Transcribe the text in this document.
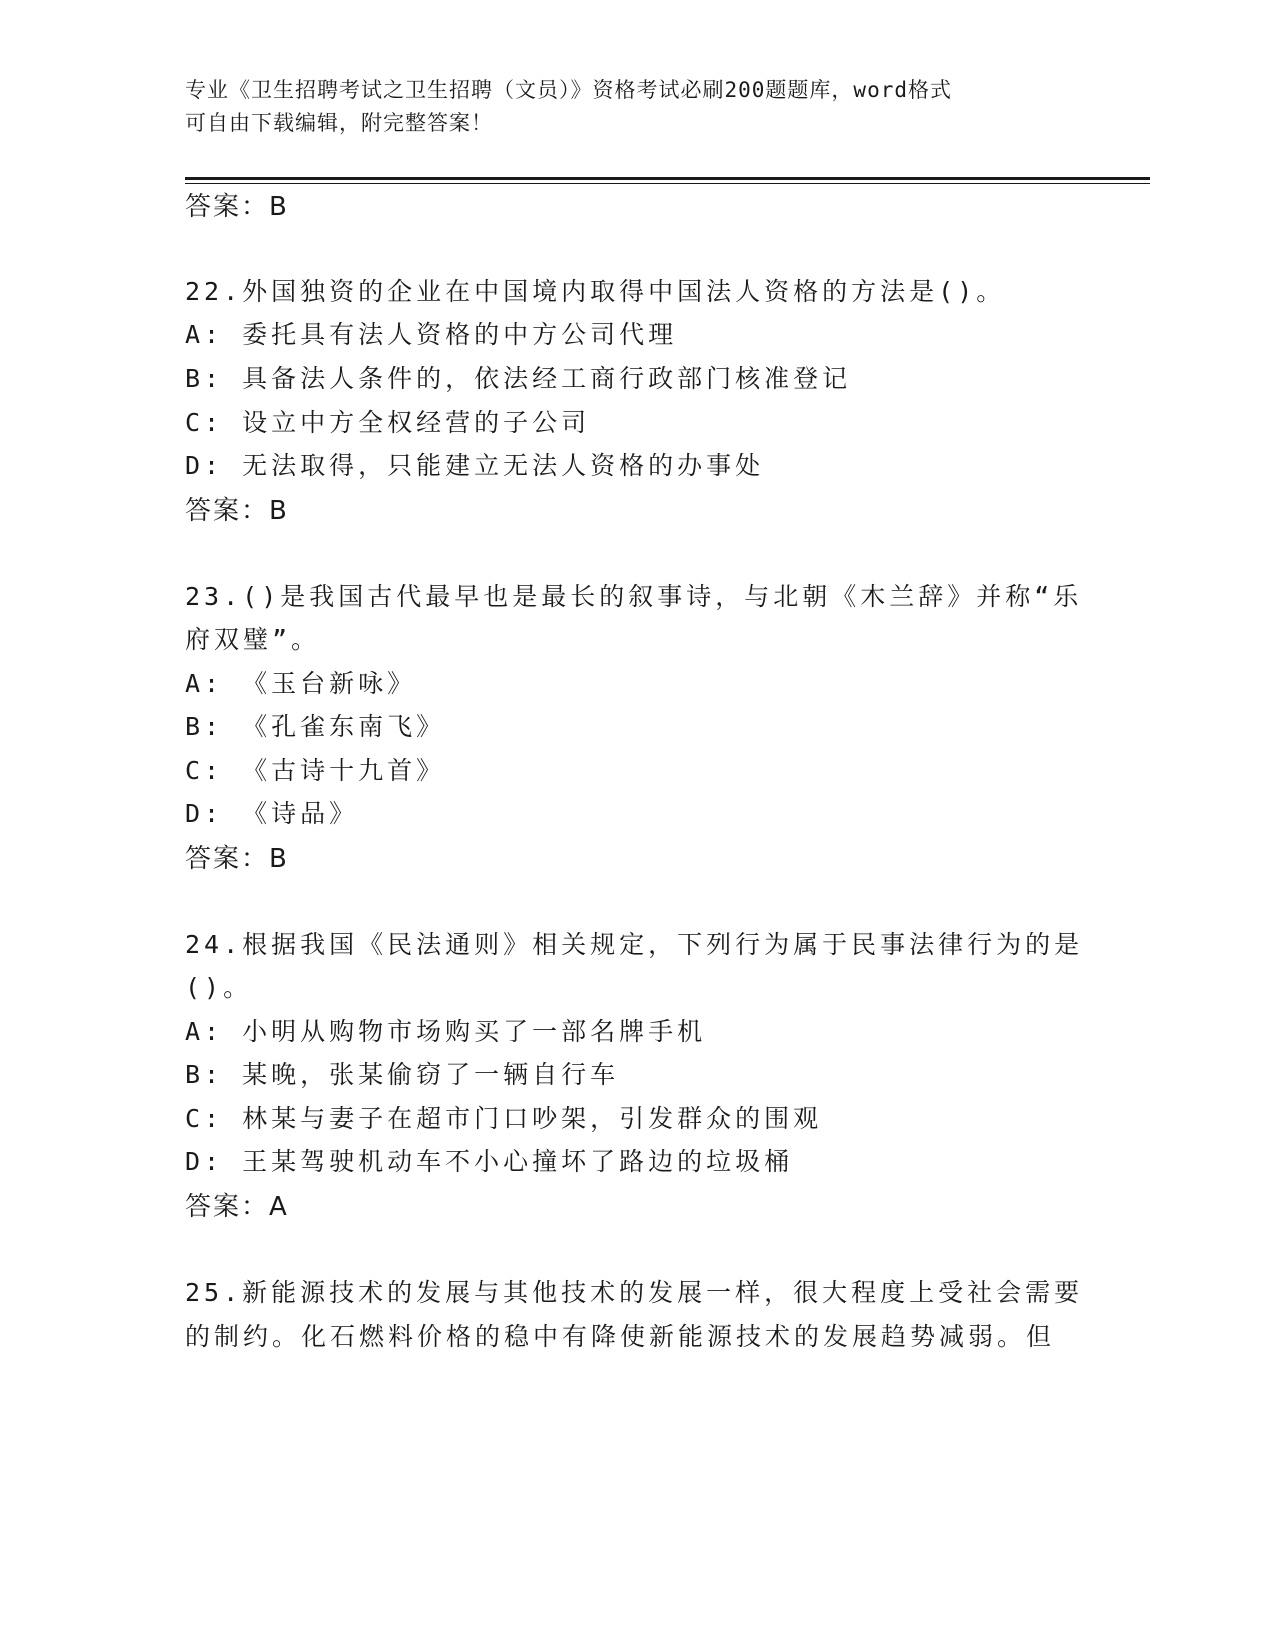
专业《卫生招聘考试之卫生招聘（文员）》资格考试必刷200题题库，word格式
可自由下载编辑，附完整答案！
答案：B
22.外国独资的企业在中国境内取得中国法人资格的方法是()。
A: 委托具有法人资格的中方公司代理
B: 具备法人条件的，依法经工商行政部门核准登记
C: 设立中方全权经营的子公司
D: 无法取得，只能建立无法人资格的办事处
答案：B
23.()是我国古代最早也是最长的叙事诗，与北朝《木兰辞》并称“乐
府双璧”。
A: 《玉台新咏》
B: 《孔雀东南飞》
C: 《古诗十九首》
D: 《诗品》
答案：B
24.根据我国《民法通则》相关规定，下列行为属于民事法律行为的是
()。
A: 小明从购物市场购买了一部名牌手机
B: 某晚，张某偷窃了一辆自行车
C: 林某与妻子在超市门口吵架，引发群众的围观
D: 王某驾驶机动车不小心撞坏了路边的垃圾桶
答案：A
25.新能源技术的发展与其他技术的发展一样，很大程度上受社会需要
的制约。化石燃料价格的稳中有降使新能源技术的发展趋势减弱。但
